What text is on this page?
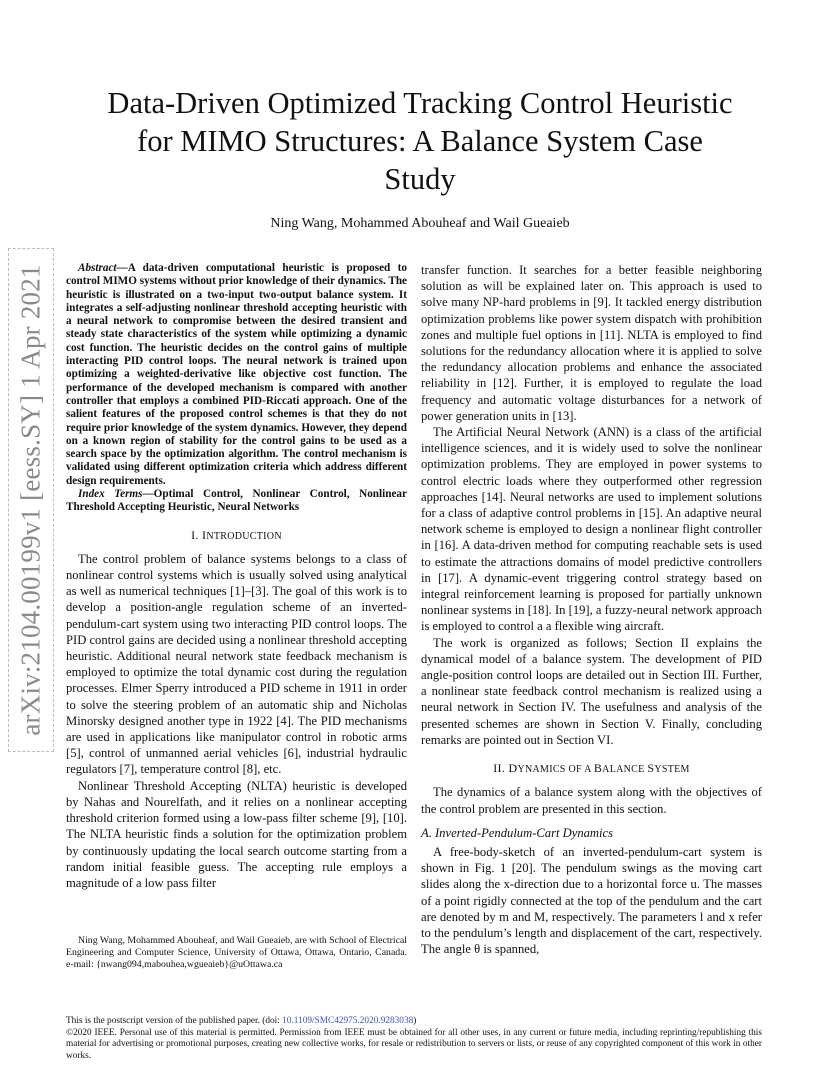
arXiv:2104.00199v1 [eess.SY] 1 Apr 2021
Data-Driven Optimized Tracking Control Heuristic
for MIMO Structures: A Balance System Case
Study
Ning Wang, Mohammed Abouheaf and Wail Gueaieb

Abstract—A data-driven computational heuristic is proposed to control MIMO systems without prior knowledge of their dynamics. The heuristic is illustrated on a two-input two-output balance system. It integrates a self-adjusting nonlinear threshold accepting heuristic with a neural network to compromise between the desired transient and steady state characteristics of the system while optimizing a dynamic cost function. The heuristic decides on the control gains of multiple interacting PID control loops. The neural network is trained upon optimizing a weighted-derivative like objective cost function. The performance of the developed mechanism is compared with another controller that employs a combined PID-Riccati approach. One of the salient features of the proposed control schemes is that they do not require prior knowledge of the system dynamics. However, they depend on a known region of stability for the control gains to be used as a search space by the optimization algorithm. The control mechanism is validated using different optimization criteria which address different design requirements.

Index Terms—Optimal Control, Nonlinear Control, Nonlinear Threshold Accepting Heuristic, Neural Networks

I. INTRODUCTION

The control problem of balance systems belongs to a class of nonlinear control systems which is usually solved using analytical as well as numerical techniques [1]–[3]. The goal of this work is to develop a position-angle regulation scheme of an inverted-pendulum-cart system using two interacting PID control loops. The PID control gains are decided using a nonlinear threshold accepting heuristic. Additional neural network state feedback mechanism is employed to optimize the total dynamic cost during the regulation processes. Elmer Sperry introduced a PID scheme in 1911 in order to solve the steering problem of an automatic ship and Nicholas Minorsky designed another type in 1922 [4]. The PID mechanisms are used in applications like manipulator control in robotic arms [5], control of unmanned aerial vehicles [6], industrial hydraulic regulators [7], temperature control [8], etc.

Nonlinear Threshold Accepting (NLTA) heuristic is developed by Nahas and Nourelfath, and it relies on a nonlinear accepting threshold criterion formed using a low-pass filter scheme [9], [10]. The NLTA heuristic finds a solution for the optimization problem by continuously updating the local search outcome starting from a random initial feasible guess. The accepting rule employs a magnitude of a low pass filter

Ning Wang, Mohammed Abouheaf, and Wail Gueaieb, are with School of Electrical Engineering and Computer Science, University of Ottawa, Ottawa, Ontario, Canada. e-mail: {nwang094,mabouhea,wgueaieb}@uOttawa.ca

transfer function. It searches for a better feasible neighboring solution as will be explained later on. This approach is used to solve many NP-hard problems in [9]. It tackled energy distribution optimization problems like power system dispatch with prohibition zones and multiple fuel options in [11]. NLTA is employed to find solutions for the redundancy allocation where it is applied to solve the redundancy allocation problems and enhance the associated reliability in [12]. Further, it is employed to regulate the load frequency and automatic voltage disturbances for a network of power generation units in [13].

The Artificial Neural Network (ANN) is a class of the artificial intelligence sciences, and it is widely used to solve the nonlinear optimization problems. They are employed in power systems to control electric loads where they outperformed other regression approaches [14]. Neural networks are used to implement solutions for a class of adaptive control problems in [15]. An adaptive neural network scheme is employed to design a nonlinear flight controller in [16]. A data-driven method for computing reachable sets is used to estimate the attractions domains of model predictive controllers in [17]. A dynamic-event triggering control strategy based on integral reinforcement learning is proposed for partially unknown nonlinear systems in [18]. In [19], a fuzzy-neural network approach is employed to control a a flexible wing aircraft.

The work is organized as follows; Section II explains the dynamical model of a balance system. The development of PID angle-position control loops are detailed out in Section III. Further, a nonlinear state feedback control mechanism is realized using a neural network in Section IV. The usefulness and analysis of the presented schemes are shown in Section V. Finally, concluding remarks are pointed out in Section VI.

II. DYNAMICS OF A BALANCE SYSTEM

The dynamics of a balance system along with the objectives of the control problem are presented in this section.

A. Inverted-Pendulum-Cart Dynamics

A free-body-sketch of an inverted-pendulum-cart system is shown in Fig. 1 [20]. The pendulum swings as the moving cart slides along the x-direction due to a horizontal force u. The masses of a point rigidly connected at the top of the pendulum and the cart are denoted by m and M, respectively. The parameters l and x refer to the pendulum’s length and displacement of the cart, respectively. The angle θ is spanned,

This is the postscript version of the published paper. (doi: 10.1109/SMC42975.2020.9283038)
©2020 IEEE. Personal use of this material is permitted. Permission from IEEE must be obtained for all other uses, in any current or future media, including reprinting/republishing this material for advertising or promotional purposes, creating new collective works, for resale or redistribution to servers or lists, or reuse of any copyrighted component of this work in other works.
